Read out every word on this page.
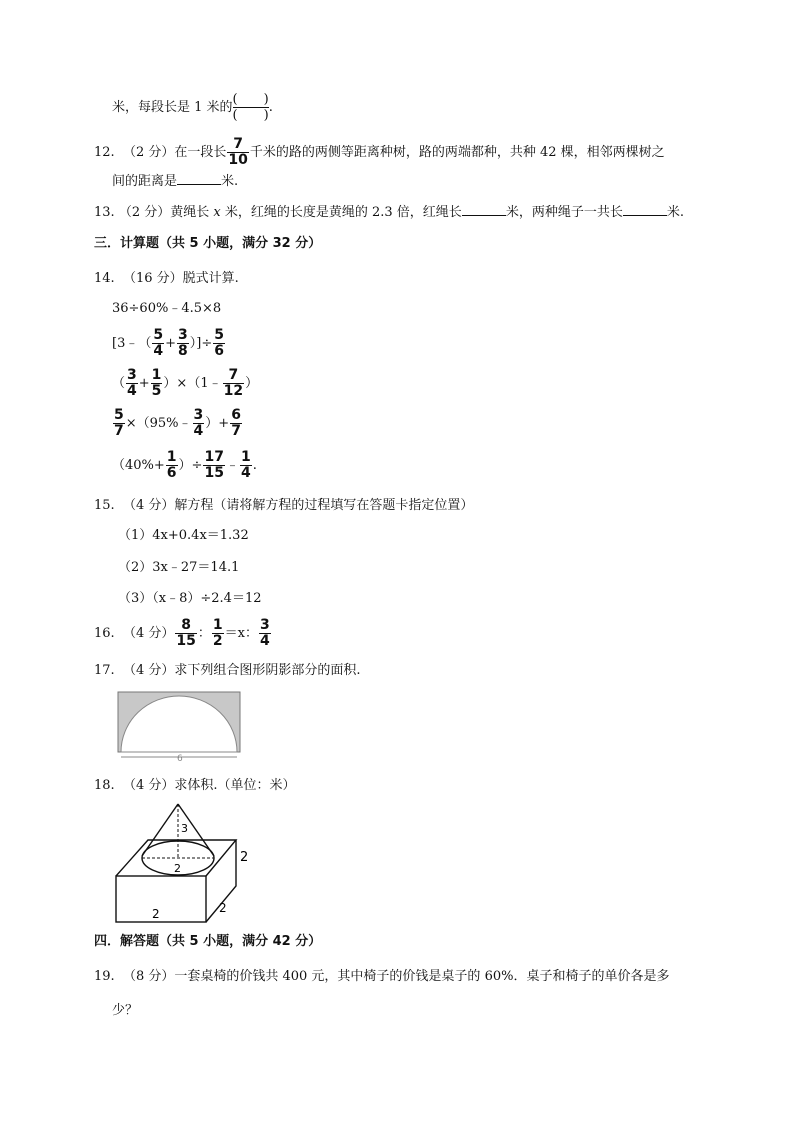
米，每段长是 1 米的
(　　)
(　　)
.
12. （2 分）在一段长 $\frac{7}{10}$ 千米的路的两侧等距离种树，路的两端都种，共种 42 棵，相邻两棵树之
间的距离是	米.
13. （2 分）黄绳长 x 米，红绳的长度是黄绳的 2.3 倍，红绳长	米，两种绳子一共长	米.
三．计算题（共 5 小题，满分 32 分）
14. （16 分）脱式计算.
36÷60%﹣4.5×8
[3﹣（ $\frac{5}{4} + \frac{3}{8}$ ）]÷ $\frac{5}{6}$
（ $\frac{3}{4} + \frac{1}{5}$ ）×（1﹣ $\frac{7}{12}$ ）
$\frac{5}{7}$ ×（95%﹣ $\frac{3}{4}$ ）+ $\frac{6}{7}$
（$40\%+ \frac{1}{6}$ ）÷ $\frac{17}{15}$ ﹣ $\frac{1}{4}$ .
15. （4 分）解方程（请将解方程的过程填写在答题卡指定位置）
（1）4x+0.4x＝1.32
（2）3x﹣27＝14.1
（3）（x﹣8）÷2.4＝12
16. （4 分） $\frac{8}{15}$ ： $\frac{1}{2} =x$： $\frac{3}{4}$
17. （4 分）求下列组合图形阴影部分的面积.
6
18. （4 分）求体积.（单位：米）
3
2
2
2	2
四．解答题（共 5 小题，满分 42 分）
19. （8 分）一套桌椅的价钱共 400 元，其中椅子的价钱是桌子的 60%．桌子和椅子的单价各是多
少？
